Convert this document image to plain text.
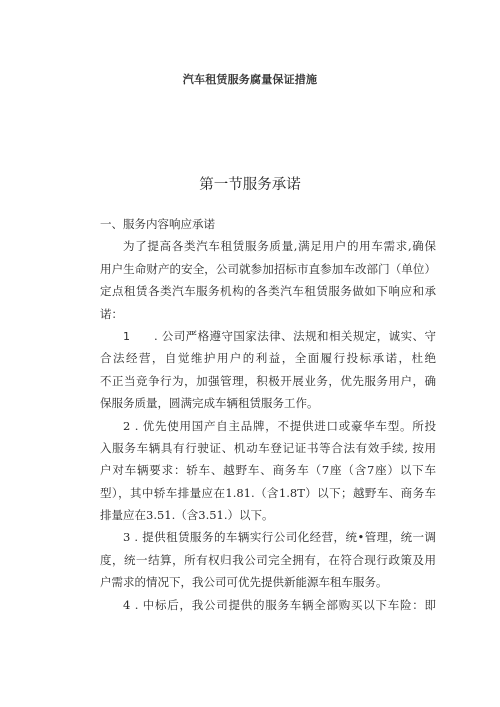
汽车租赁服务腐量保证措施
第一节服务承诺
一、服务内容响应承诺
为了提高各类汽车租赁服务质量,满足用户的用车需求,确保
用户生命财产的安全，公司就参加招标市直参加车改部门（单位）
定点租赁各类汽车服务机构的各类汽车租赁服务做如下响应和承
诺：
1 . 公司严格遵守国家法律、法规和相关规定，诚实、守
合法经营，自觉维护用户的利益，全面履行投标承诺，杜绝
不正当竞争行为，加强管理，积极开展业务，优先服务用户，确
保服务质量，圆满完成车辆租赁服务工作。
2 . 优先使用国产自主品牌，不提供进口或豪华车型。所投
入服务车辆具有行驶证、机动车登记证书等合法有效手续, 按用
户对车辆要求：轿车、越野车、商务车（7座（含7座）以下车
型），其中轿车排量应在1.81.（含1.8T）以下；越野车、商务车
排量应在3.51.（含3.51.）以下。
3 . 提供租赁服务的车辆实行公司化经营，统•管理，统一调
度，统一结算，所有权归我公司完全拥有，在符合现行政策及用
户需求的情况下，我公司可优先提供新能源车租车服务。
4 . 中标后，我公司提供的服务车辆全部购买以下车险：即
